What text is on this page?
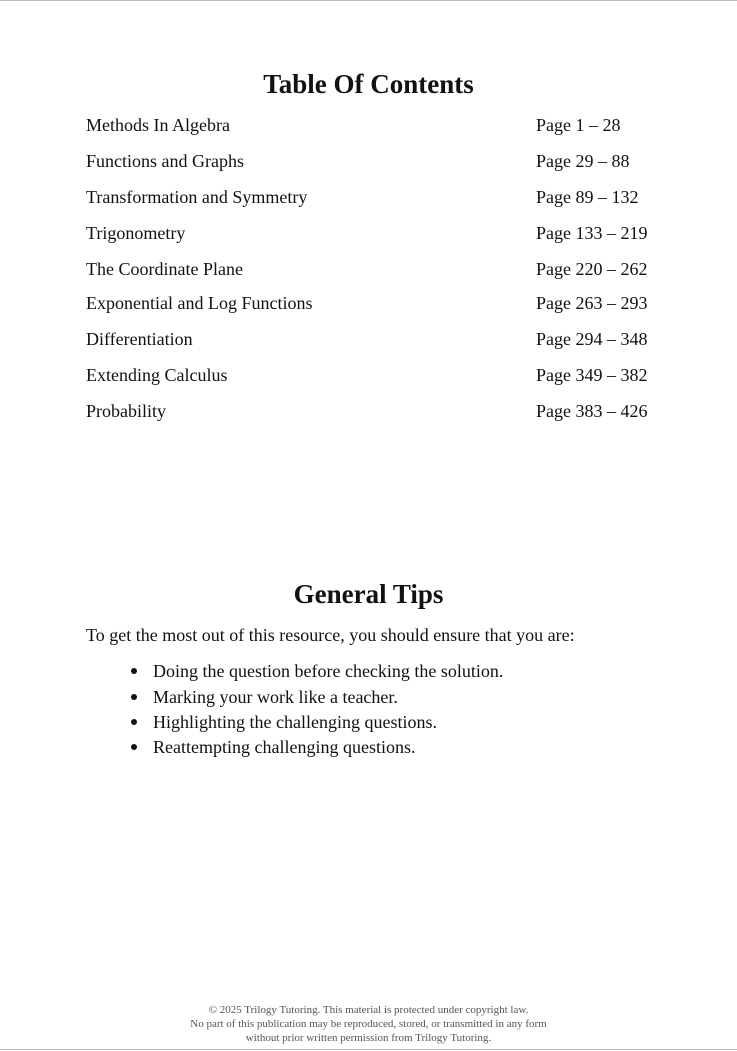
Table Of Contents
Methods In Algebra	Page 1 – 28
Functions and Graphs	Page 29 – 88
Transformation and Symmetry	Page 89 – 132
Trigonometry	Page 133 – 219
The Coordinate Plane	Page 220 – 262
Exponential and Log Functions	Page 263 – 293
Differentiation	Page 294 – 348
Extending Calculus	Page 349 – 382
Probability	Page 383 – 426
General Tips

To get the most out of this resource, you should ensure that you are:

Doing the question before checking the solution.
Marking your work like a teacher.
Highlighting the challenging questions.
Reattempting challenging questions.
© 2025 Trilogy Tutoring. This material is protected under copyright law.
No part of this publication may be reproduced, stored, or transmitted in any form
without prior written permission from Trilogy Tutoring.
